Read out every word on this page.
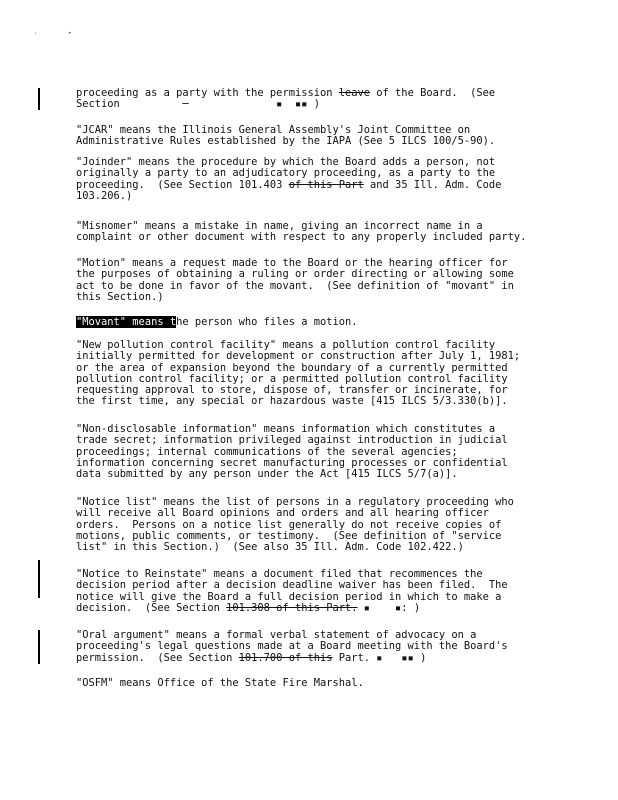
'	•
proceeding as a party with the permission leave of the Board.  (See
Section          ─              ▪  ▪▪ )
"JCAR" means the Illinois General Assembly's Joint Committee on
Administrative Rules established by the IAPA (See 5 ILCS 100/5-90).
"Joinder" means the procedure by which the Board adds a person, not
originally a party to an adjudicatory proceeding, as a party to the
proceeding.  (See Section 101.403 of this Part and 35 Ill. Adm. Code
103.206.)
"Misnomer" means a mistake in name, giving an incorrect name in a
complaint or other document with respect to any properly included party.
"Motion" means a request made to the Board or the hearing officer for
the purposes of obtaining a ruling or order directing or allowing some
act to be done in favor of the movant.  (See definition of "movant" in
this Section.)
"Movant" means the person who files a motion.
"New pollution control facility" means a pollution control facility
initially permitted for development or construction after July 1, 1981;
or the area of expansion beyond the boundary of a currently permitted
pollution control facility; or a permitted pollution control facility
requesting approval to store, dispose of, transfer or incinerate, for
the first time, any special or hazardous waste [415 ILCS 5/3.330(b)].
"Non-disclosable information" means information which constitutes a
trade secret; information privileged against introduction in judicial
proceedings; internal communications of the several agencies;
information concerning secret manufacturing processes or confidential
data submitted by any person under the Act [415 ILCS 5/7(a)].
"Notice list" means the list of persons in a regulatory proceeding who
will receive all Board opinions and orders and all hearing officer
orders.  Persons on a notice list generally do not receive copies of
motions, public comments, or testimony.  (See definition of "service
list" in this Section.)  (See also 35 Ill. Adm. Code 102.422.)
"Notice to Reinstate" means a document filed that recommences the
decision period after a decision deadline waiver has been filed.  The
notice will give the Board a full decision period in which to make a
decision.  (See Section 101.308 of this Part. ▪    ▪: )
"Oral argument" means a formal verbal statement of advocacy on a
proceeding's legal questions made at a Board meeting with the Board's
permission.  (See Section 101.700 of this Part. ▪   ▪▪ )
"OSFM" means Office of the State Fire Marshal.
